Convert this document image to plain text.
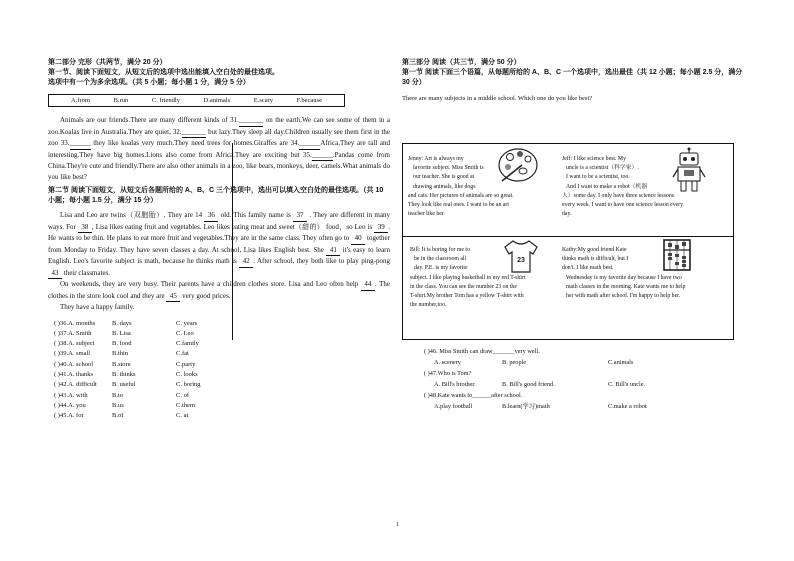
第二部分 完形（共两节，满分 20 分）
第一节、阅读下面短文，从短文后的选项中选出能填入空白处的最佳选项。
选项中有一个为多余选项。（共 5 小题；每小题 1 分，满分 5 分）
A.from	B.run	C. friendly	D.animals	E.scary	F.because
Animals are our friends.There are many different kinds of 31._______ on the earth.We can see some of them in a zoo.Koalas live in Australia.They are quiet, 32._______ but lazy.They sleep all day.Children usually see them first in the zoo 33.______ they like koalas very much.They need trees for homes.Giraffes are 34.______Africa.They are tall and interesting.They have big homes.Lions also come from Africa.They are exciting but 35.______.Pandas come from China.They're cute and friendly.There are also other animals in a zoo, like bears, monkeys, deer, camels.What animals do you like best?
第二节 阅读下面短文，从短文后各题所给的 A、B、C 三个选项中，选出可以填入空白处的最佳选项。（共 10 小题；每小题 1.5 分，满分 15 分）
Lisa and Leo are twins（双胞胎）. They are 14 36 old. This family name is 37 . They are different in many ways. For 38 , Lisa likes eating fruit and vegetables. Leo likes eating meat and sweet（甜的） food，so Leo is 39 . He wants to be thin. He plans to eat more fruit and vegetables.They are in the same class. They often go to 40 together from Monday to Friday. They have seven classes a day. At school, Lisa likes English best. She 41 it's easy to learn English. Leo's favorite subject is math, because he thinks math is 42 . After school, they both like to play ping-pong 43 their classmates.
On weekends, they are very busy. Their parents have a children clothes store. Lisa and Leo often help 44 . The clothes in the store look cool and they are 45 very good prices.
They have a happy family.
( )36.A. months	B. days	C. years
( )37.A. Smith	B. Lisa	C. Leo
( )38.A. subject	B. food	C.family
( )39.A. small	B.thin	C.fat
( )40.A. school	B.store	C.party
( )41.A. thanks	B. thinks	C. looks
( )42.A. difficult	B. useful	C. boring
( )43.A. with	B.to	C. of
( )44.A. you	B.us	C.them
( )45.A. for	B.of	C. at
第三部分 阅读（共三节，满分 50 分）
第一节 阅读下面三个语篇，从每题所给的 A、B、C 一个选项中，选出最佳（共 12 小题；每小题 2.5 分，满分 30 分）
There are many subjects in a middle school. Which one do you like best?
Jenny: Art is always my
favorite subject. Miss Smith is
our teacher. She is good at
drawing animals, like dogs
and cats. Her pictures of animals are so great.
They look like real ones. I want to be an art
teacher like her.
Jeff: I like science best. My
uncle is a scientist（科学家）.
I want to be a scientist, too.
And I want to make a robot（机器
人）some day. I only have three science lessons
every week. I want to have one science lesson every
day.
Bill: It is boring for me to
be in the classroom all
day. P.E. is my favorite
subject. I like playing basketball in my red T-shirt
in the class. You can see the number 23 on the
T-shirt.My brother Tom has a yellow T-shirt with
the number,too.
23
Kathy:My good friend Kate
thinks math is difficult, but I
don't. I like math best.
Wednesday is my favorite day because I have two
math classes in the morning. Kate wants me to help
her with math after school. I'm happy to help her.
( )46. Miss Smith can draw_______very well.
A. scenery	B. people	C.animals
( )47.Who is Tom?
A. Bill's brother.	B. Bill's good friend.	C. Bill's uncle.
( )48.Kate wants to______after school.
A.play football	B.learn(学习)math	C.make a robot
1
